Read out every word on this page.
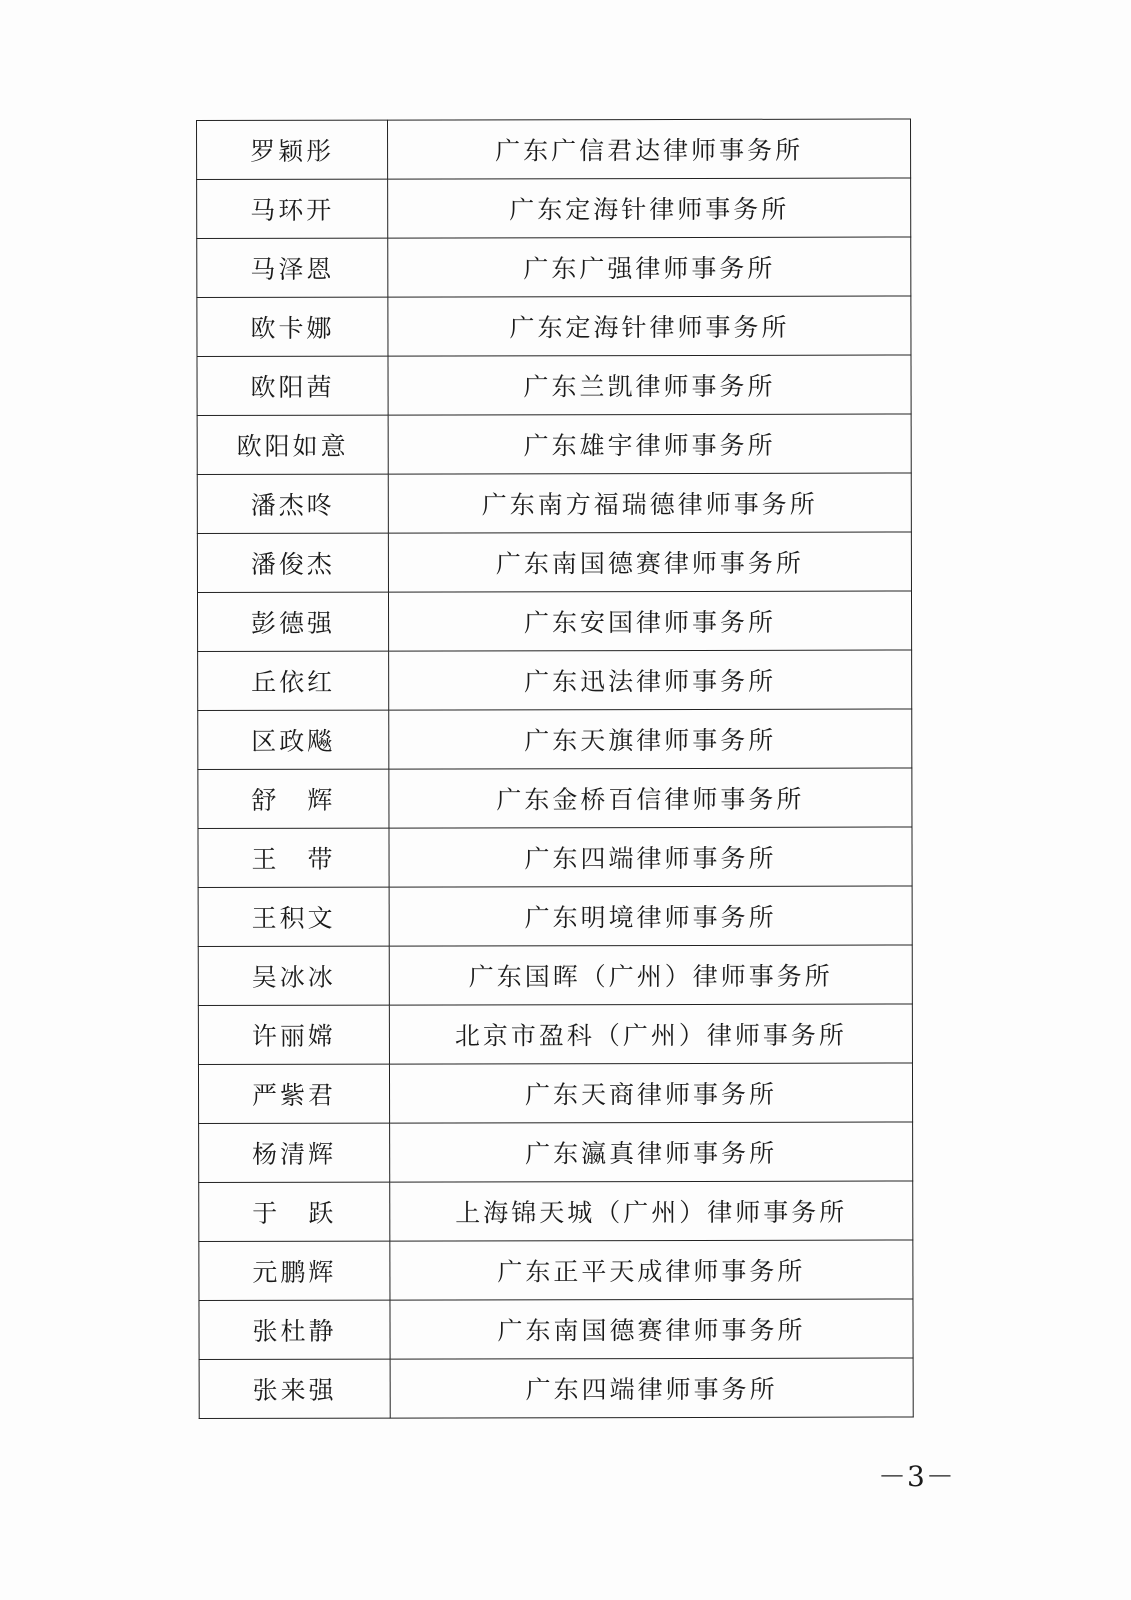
罗颖彤	广东广信君达律师事务所
马环开	广东定海针律师事务所
马泽恩	广东广强律师事务所
欧卡娜	广东定海针律师事务所
欧阳茜	广东兰凯律师事务所
欧阳如意	广东雄宇律师事务所
潘杰咚	广东南方福瑞德律师事务所
潘俊杰	广东南国德赛律师事务所
彭德强	广东安国律师事务所
丘依红	广东迅法律师事务所
区政飚	广东天旗律师事务所
舒　辉	广东金桥百信律师事务所
王　带	广东四端律师事务所
王积文	广东明境律师事务所
吴冰冰	广东国晖（广州）律师事务所
许丽嫦	北京市盈科（广州）律师事务所
严紫君	广东天商律师事务所
杨清辉	广东瀛真律师事务所
于　跃	上海锦天城（广州）律师事务所
元鹏辉	广东正平天成律师事务所
张杜静	广东南国德赛律师事务所
张来强	广东四端律师事务所
－3－
